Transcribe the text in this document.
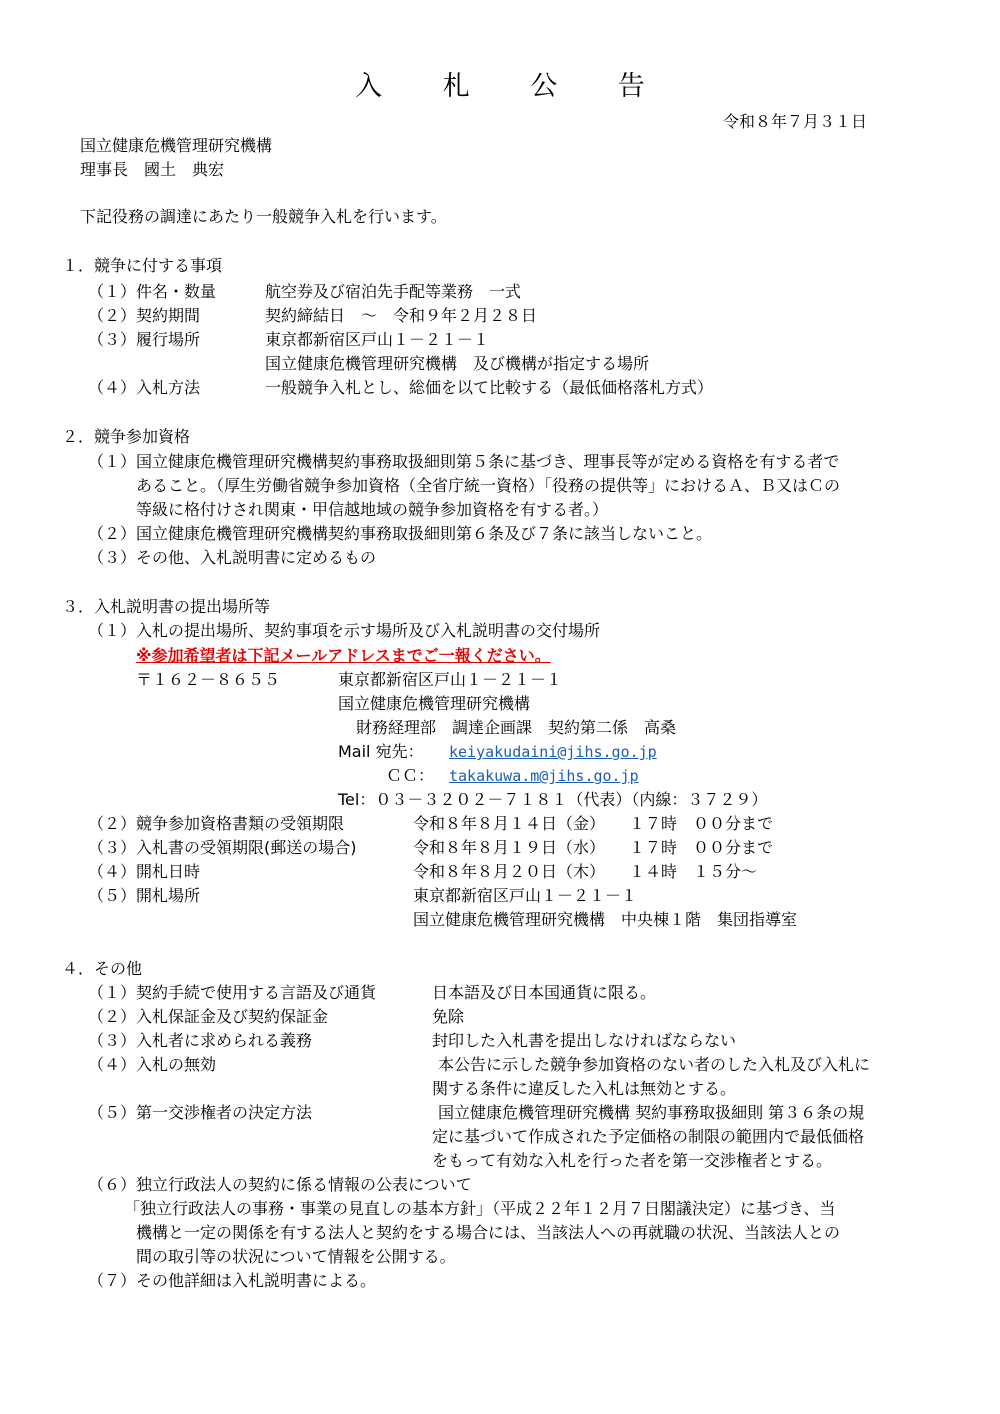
入 札 公 告
令和８年７月３１日
国立健康危機管理研究機構
理事長　國土　典宏
下記役務の調達にあたり一般競争入札を行います。
１．競争に付する事項
（１）件名・数量	航空券及び宿泊先手配等業務　一式
（２）契約期間	契約締結日　～　令和９年２月２８日
（３）履行場所	東京都新宿区戸山１－２１－１
国立健康危機管理研究機構　及び機構が指定する場所
（４）入札方法	一般競争入札とし、総価を以て比較する（最低価格落札方式）
２．競争参加資格
（１）国立健康危機管理研究機構契約事務取扱細則第５条に基づき、理事長等が定める資格を有する者で
あること。（厚生労働省競争参加資格（全省庁統一資格）「役務の提供等」におけるＡ、Ｂ又はＣの
等級に格付けされ関東・甲信越地域の競争参加資格を有する者。）
（２）国立健康危機管理研究機構契約事務取扱細則第６条及び７条に該当しないこと。
（３）その他、入札説明書に定めるもの
３．入札説明書の提出場所等
（１）入札の提出場所、契約事項を示す場所及び入札説明書の交付場所
※参加希望者は下記メールアドレスまでご一報ください。
〒１６２－８６５５	東京都新宿区戸山１－２１－１
国立健康危機管理研究機構
財務経理部　調達企画課　契約第二係　高桑
Mail 宛先： keiyakudaini@jihs.go.jp
ＣＣ： takakuwa.m@jihs.go.jp
Tel：０３－３２０２－７１８１（代表）（内線：３７２９）
（２）競争参加資格書類の受領期限	令和８年８月１４日（金）　　１７時　００分まで
（３）入札書の受領期限(郵送の場合)	令和８年８月１９日（水）　　１７時　００分まで
（４）開札日時	令和８年８月２０日（木）　　１４時　１５分～
（５）開札場所	東京都新宿区戸山１－２１－１
国立健康危機管理研究機構　中央棟１階　集団指導室
４．その他
（１）契約手続で使用する言語及び通貨	日本語及び日本国通貨に限る。
（２）入札保証金及び契約保証金	免除
（３）入札者に求められる義務	封印した入札書を提出しなければならない
（４）入札の無効	本公告に示した競争参加資格のない者のした入札及び入札に
関する条件に違反した入札は無効とする。
（５）第一交渉権者の決定方法	国立健康危機管理研究機構 契約事務取扱細則 第３６条の規
定に基づいて作成された予定価格の制限の範囲内で最低価格
をもって有効な入札を行った者を第一交渉権者とする。
（６）独立行政法人の契約に係る情報の公表について
「独立行政法人の事務・事業の見直しの基本方針」（平成２２年１２月７日閣議決定）に基づき、当
機構と一定の関係を有する法人と契約をする場合には、当該法人への再就職の状況、当該法人との
間の取引等の状況について情報を公開する。
（７）その他詳細は入札説明書による。
